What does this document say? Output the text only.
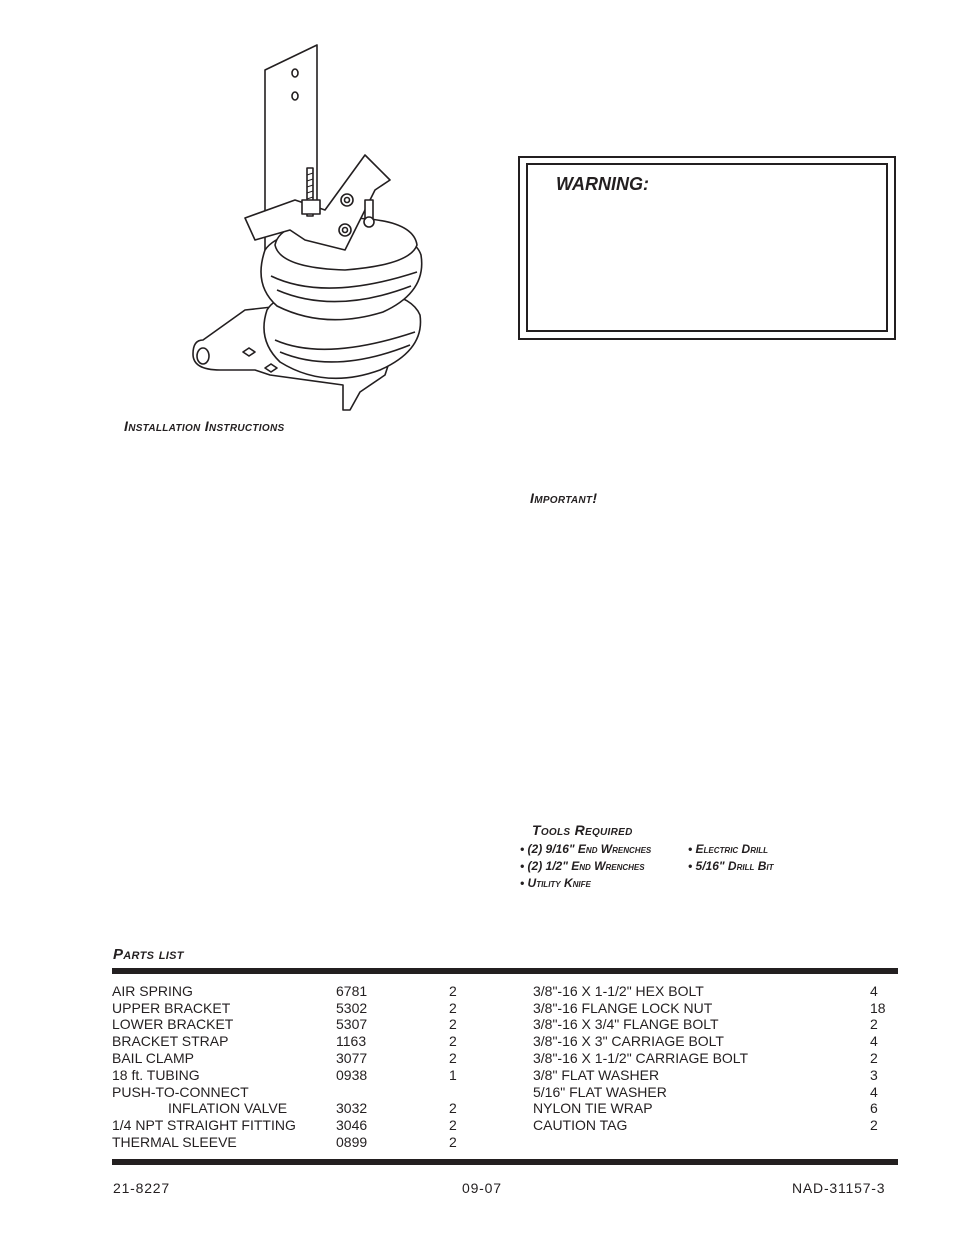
Installation Instructions
WARNING:
Important!
Tools Required
• (2) 9/16" End Wrenches	• Electric Drill
• (2) 1/2" End Wrenches	• 5/16" Drill Bit
• Utility Knife
Parts list
AIR SPRING	6781	2
UPPER BRACKET	5302	2
LOWER BRACKET	5307	2
BRACKET STRAP	1163	2
BAIL CLAMP	3077	2
18 ft. TUBING	0938	1
PUSH-TO-CONNECT
INFLATION VALVE	3032	2
1/4 NPT STRAIGHT FITTING	3046	2
THERMAL SLEEVE	0899	2
3/8"-16 X 1-1/2" HEX BOLT	4
3/8"-16 FLANGE LOCK NUT	18
3/8"-16 X 3/4" FLANGE BOLT	2
3/8"-16 X 3" CARRIAGE BOLT	4
3/8"-16 X 1-1/2" CARRIAGE BOLT	2
3/8" FLAT WASHER	3
5/16" FLAT WASHER	4
NYLON TIE WRAP	6
CAUTION TAG	2
21-8227	09-07	NAD-31157-3
